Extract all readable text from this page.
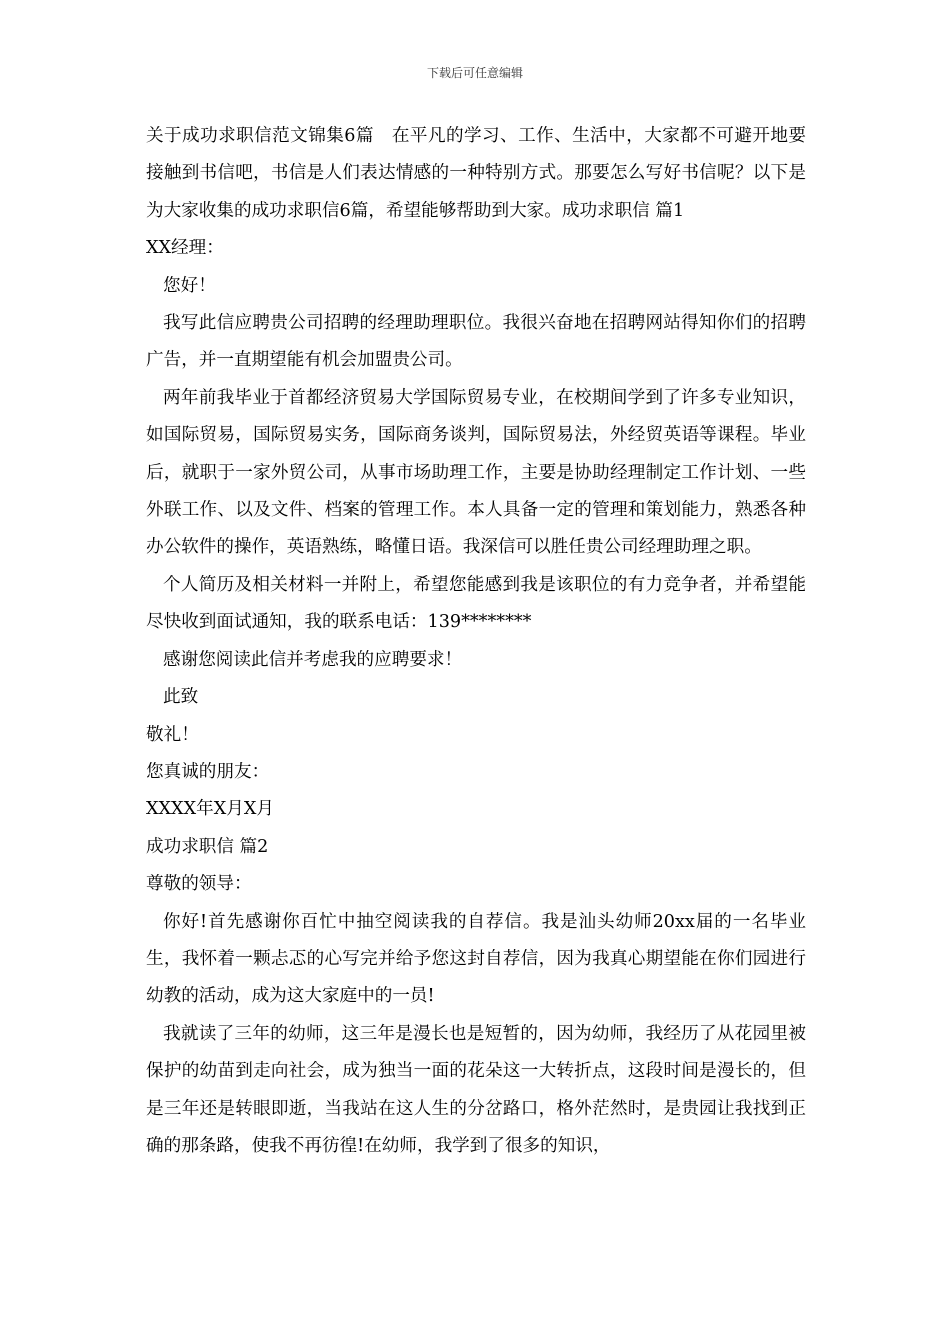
下载后可任意编辑

关于成功求职信范文锦集6篇　在平凡的学习、工作、生活中，大家都不可避开地要接触到书信吧，书信是人们表达情感的一种特别方式。那要怎么写好书信呢？以下是为大家收集的成功求职信6篇，希望能够帮助到大家。成功求职信 篇1

XX经理：

您好！

我写此信应聘贵公司招聘的经理助理职位。我很兴奋地在招聘网站得知你们的招聘广告，并一直期望能有机会加盟贵公司。

两年前我毕业于首都经济贸易大学国际贸易专业，在校期间学到了许多专业知识，如国际贸易，国际贸易实务，国际商务谈判，国际贸易法，外经贸英语等课程。毕业后，就职于一家外贸公司，从事市场助理工作，主要是协助经理制定工作计划、一些外联工作、以及文件、档案的管理工作。本人具备一定的管理和策划能力，熟悉各种办公软件的操作，英语熟练，略懂日语。我深信可以胜任贵公司经理助理之职。

个人简历及相关材料一并附上，希望您能感到我是该职位的有力竞争者，并希望能尽快收到面试通知，我的联系电话：139********

感谢您阅读此信并考虑我的应聘要求！

此致

敬礼！

您真诚的朋友：

XXXX年X月X月

成功求职信 篇2

尊敬的领导：

你好!首先感谢你百忙中抽空阅读我的自荐信。我是汕头幼师20xx届的一名毕业生，我怀着一颗忐忑的心写完并给予您这封自荐信，因为我真心期望能在你们园进行幼教的活动，成为这大家庭中的一员!

我就读了三年的幼师，这三年是漫长也是短暂的，因为幼师，我经历了从花园里被保护的幼苗到走向社会，成为独当一面的花朵这一大转折点，这段时间是漫长的，但是三年还是转眼即逝，当我站在这人生的分岔路口，格外茫然时，是贵园让我找到正确的那条路，使我不再彷徨!在幼师，我学到了很多的知识，
